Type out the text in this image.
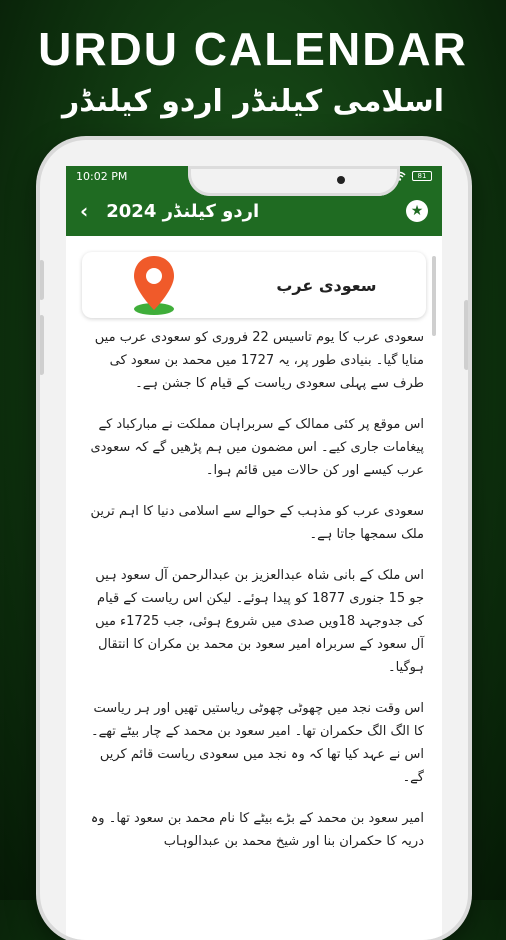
URDU CALENDAR
اسلامی کیلنڈر اردو کیلنڈر
10:02 PM	81
‹ اردو کیلنڈر 2024	★
سعودی عرب

سعودی عرب کا یوم تاسیس 22 فروری کو سعودی عرب میں منایا گیا۔ بنیادی طور پر، یہ 1727 میں محمد بن سعود کی طرف سے پہلی سعودی ریاست کے قیام کا جشن ہے۔

اس موقع پر کئی ممالک کے سربراہان مملکت نے مبارکباد کے پیغامات جاری کیے۔ اس مضمون میں ہم پڑھیں گے کہ سعودی عرب کیسے اور کن حالات میں قائم ہوا۔

سعودی عرب کو مذہب کے حوالے سے اسلامی دنیا کا اہم ترین ملک سمجھا جاتا ہے۔

اس ملک کے بانی شاہ عبدالعزیز بن عبدالرحمن آل سعود ہیں جو 15 جنوری 1877 کو پیدا ہوئے۔ لیکن اس ریاست کے قیام کی جدوجہد 18ویں صدی میں شروع ہوئی، جب 1725ء میں آل سعود کے سربراہ امیر سعود بن محمد بن مکران کا انتقال ہوگیا۔

اس وقت نجد میں چھوٹی چھوٹی ریاستیں تھیں اور ہر ریاست کا الگ الگ حکمران تھا۔ امیر سعود بن محمد کے چار بیٹے تھے۔ اس نے عہد کیا تھا کہ وہ نجد میں سعودی ریاست قائم کریں گے۔

امیر سعود بن محمد کے بڑے بیٹے کا نام محمد بن سعود تھا۔ وہ دریہ کا حکمران بنا اور شیخ محمد بن عبدالوہاب
